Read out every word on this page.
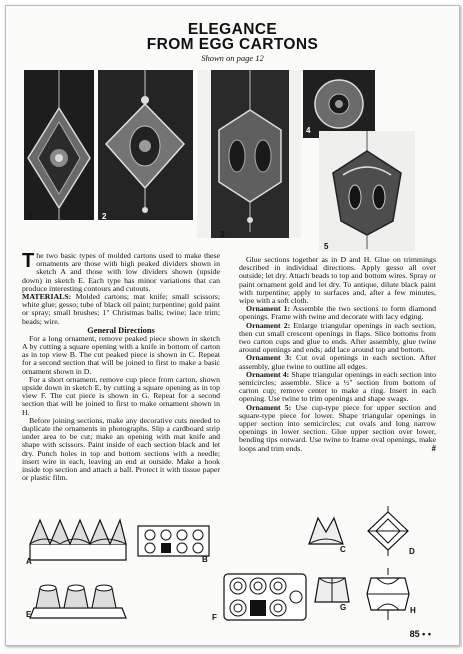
ELEGANCE
FROM EGG CARTONS
Shown on page 12
1	2
3
4
5

The two basic types of molded cartons used to make these ornaments are those with high peaked dividers shown in sketch A and those with low dividers shown (upside down) in sketch E. Each type has minor variations that can produce interesting contours and cutouts.

MATERIALS: Molded cartons; mat knife; small scissors; white glue; gesso; tube of black oil paint; turpentine; gold paint or spray; small brushes; 1" Christmas balls; twine; lace trim; beads; wire.

General Directions

For a long ornament, remove peaked piece shown in sketch A by cutting a square opening with a knife in bottom of carton as in top view B. The cut peaked piece is shown in C. Repeat for a second section that will be joined to first to make a basic ornament shown in D.

For a short ornament, remove cup piece from carton, shown upside down in sketch E, by cutting a square opening as in top view F. The cut piece is shown in G. Repeat for a second section that will be joined to first to make ornament shown in H.

Before joining sections, make any decorative cuts needed to duplicate the ornaments in photographs. Slip a cardboard strip under area to be cut; make an opening with mat knife and shape with scissors. Paint inside of each section black and let dry. Punch holes in top and bottom sections with a needle; insert wire in each, leaving an end at outside. Make a hook inside top section and attach a ball. Protect it with tissue paper or plastic film.

Glue sections together as in D and H. Glue on trimmings described in individual directions. Apply gesso all over outside; let dry. Attach beads to top and bottom wires. Spray or paint ornament gold and let dry. To antique, dilute black paint with turpentine; apply to surfaces and, after a few minutes, wipe with a soft cloth.

Ornament 1: Assemble the two sections to form diamond openings. Frame with twine and decorate with lacy edging.

Ornament 2: Enlarge triangular openings in each section, then cut small crescent openings in flaps. Slice bottoms from two carton cups and glue to ends. After assembly, glue twine around openings and ends; add lace around top and bottom.

Ornament 3: Cut oval openings in each section. After assembly, glue twine to outline all edges.

Ornament 4: Shape triangular openings in each section into semicircles; assemble. Slice a ½" section from bottom of carton cup; remove center to make a ring. Insert in each opening. Use twine to trim openings and shape swags.

Ornament 5: Use cup-type piece for upper section and square-type piece for lower. Shape triangular openings in upper section into semicircles; cut ovals and long narrow openings in lower section. Glue upper section over lower, bending tips outward. Use twine to frame oval openings, make loops and trim ends.	#

A	B
C	D
E	F
G	H
85 • •
